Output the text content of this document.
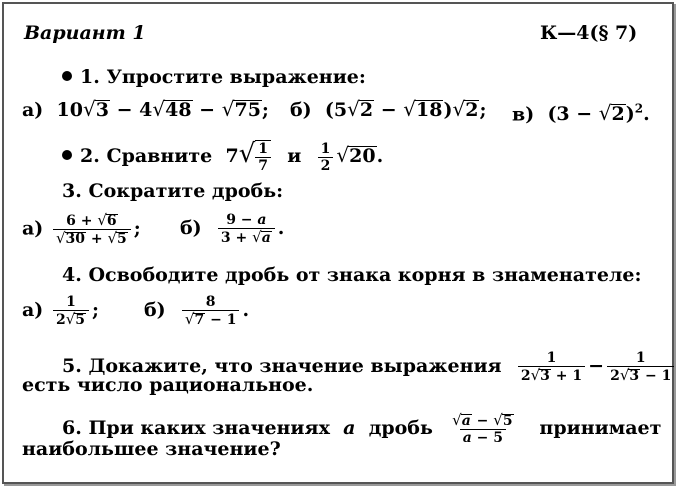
Вариант 1	К—4(§ 7)
1. Упростите выражение:
а) 10√3 − 4√48 − √75; б) (5√2 − √18)√2; в) $(3 - √2)^2$.
2. Сравните $7√ \frac{1}{7}$ и $\frac{1}{2} √20$.
3. Сократите дробь:
$а) \frac{6 + √6}{√30 + √5}$ ; $б) \frac{9 - a}{3 + √a}$ .
4. Освободите дробь от знака корня в знаменателе:
$а) \frac{1}{2√5}$ ; $б) \frac{8}{√7 - 1}$ .
5. Докажите, что значение выражения $\frac{1}{2√3 + 1} - \frac{1}{2√3 - 1}$
есть число рациональное.
6. При каких значениях a дробь $\frac{√a - √5}{a - 5}$ принимает
наибольшее значение?
